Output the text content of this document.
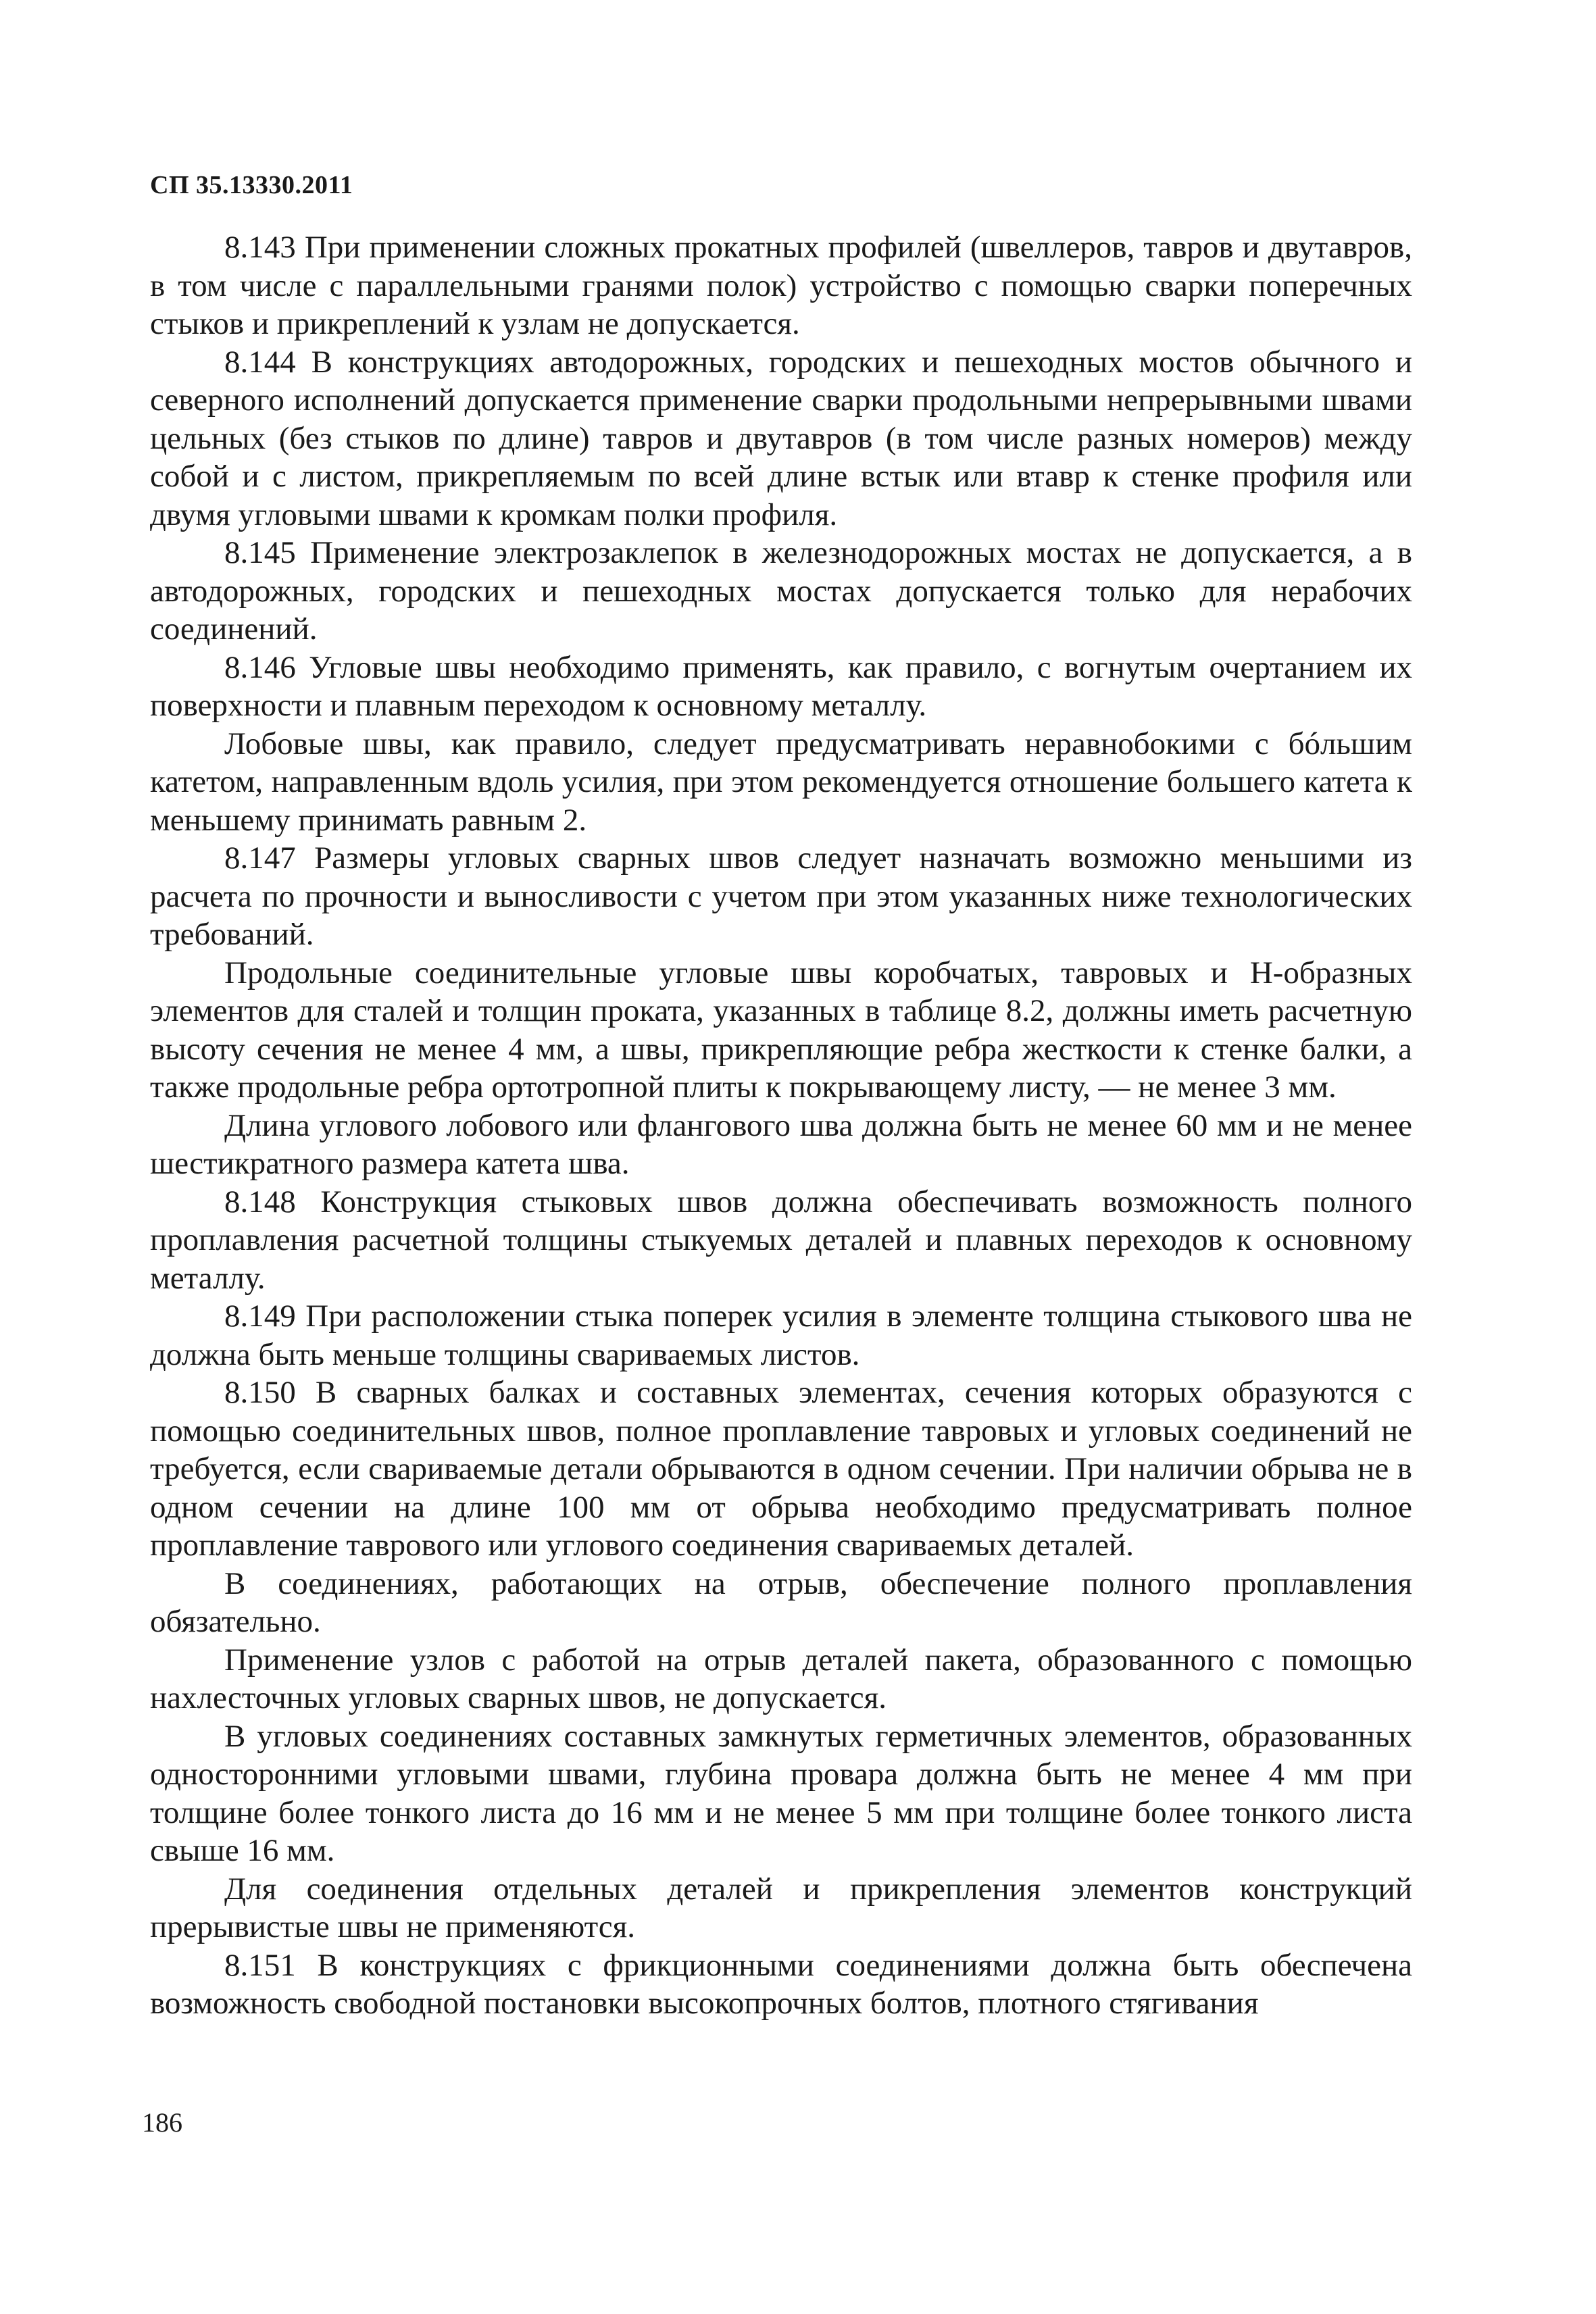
СП 35.13330.2011

8.143 При применении сложных прокатных профилей (швеллеров, тавров и двутавров, в том числе с параллельными гранями полок) устройство с помощью сварки поперечных стыков и прикреплений к узлам не допускается.

8.144 В конструкциях автодорожных, городских и пешеходных мостов обычного и северного исполнений допускается применение сварки продольными непрерывными швами цельных (без стыков по длине) тавров и двутавров (в том числе разных номеров) между собой и с листом, прикрепляемым по всей длине встык или втавр к стенке профиля или двумя угловыми швами к кромкам полки профиля.

8.145 Применение электрозаклепок в железнодорожных мостах не допускается, а в автодорожных, городских и пешеходных мостах допускается только для нерабочих соединений.

8.146 Угловые швы необходимо применять, как правило, с вогнутым очертанием их поверхности и плавным переходом к основному металлу.

Лобовые швы, как правило, следует предусматривать неравнобокими с бóльшим катетом, направленным вдоль усилия, при этом рекомендуется отношение большего катета к меньшему принимать равным 2.

8.147 Размеры угловых сварных швов следует назначать возможно меньшими из расчета по прочности и выносливости с учетом при этом указанных ниже технологических требований.

Продольные соединительные угловые швы коробчатых, тавровых и Н-образных элементов для сталей и толщин проката, указанных в таблице 8.2, должны иметь расчетную высоту сечения не менее 4 мм, а швы, прикрепляющие ребра жесткости к стенке балки, а также продольные ребра ортотропной плиты к покрывающему листу, — не менее 3 мм.

Длина углового лобового или флангового шва должна быть не менее 60 мм и не менее шестикратного размера катета шва.

8.148 Конструкция стыковых швов должна обеспечивать возможность полного проплавления расчетной толщины стыкуемых деталей и плавных переходов к основному металлу.

8.149 При расположении стыка поперек усилия в элементе толщина стыкового шва не должна быть меньше толщины свариваемых листов.

8.150 В сварных балках и составных элементах, сечения которых образуются с помощью соединительных швов, полное проплавление тавровых и угловых соединений не требуется, если свариваемые детали обрываются в одном сечении. При наличии обрыва не в одном сечении на длине 100 мм от обрыва необходимо предусматривать полное проплавление таврового или углового соединения свариваемых деталей.

В соединениях, работающих на отрыв, обеспечение полного проплавления обязательно.

Применение узлов с работой на отрыв деталей пакета, образованного с помощью нахлесточных угловых сварных швов, не допускается.

В угловых соединениях составных замкнутых герметичных элементов, образованных односторонними угловыми швами, глубина провара должна быть не менее 4 мм при толщине более тонкого листа до 16 мм и не менее 5 мм при толщине более тонкого листа свыше 16 мм.

Для соединения отдельных деталей и прикрепления элементов конструкций прерывистые швы не применяются.

8.151 В конструкциях с фрикционными соединениями должна быть обеспечена возможность свободной постановки высокопрочных болтов, плотного стягивания

186
